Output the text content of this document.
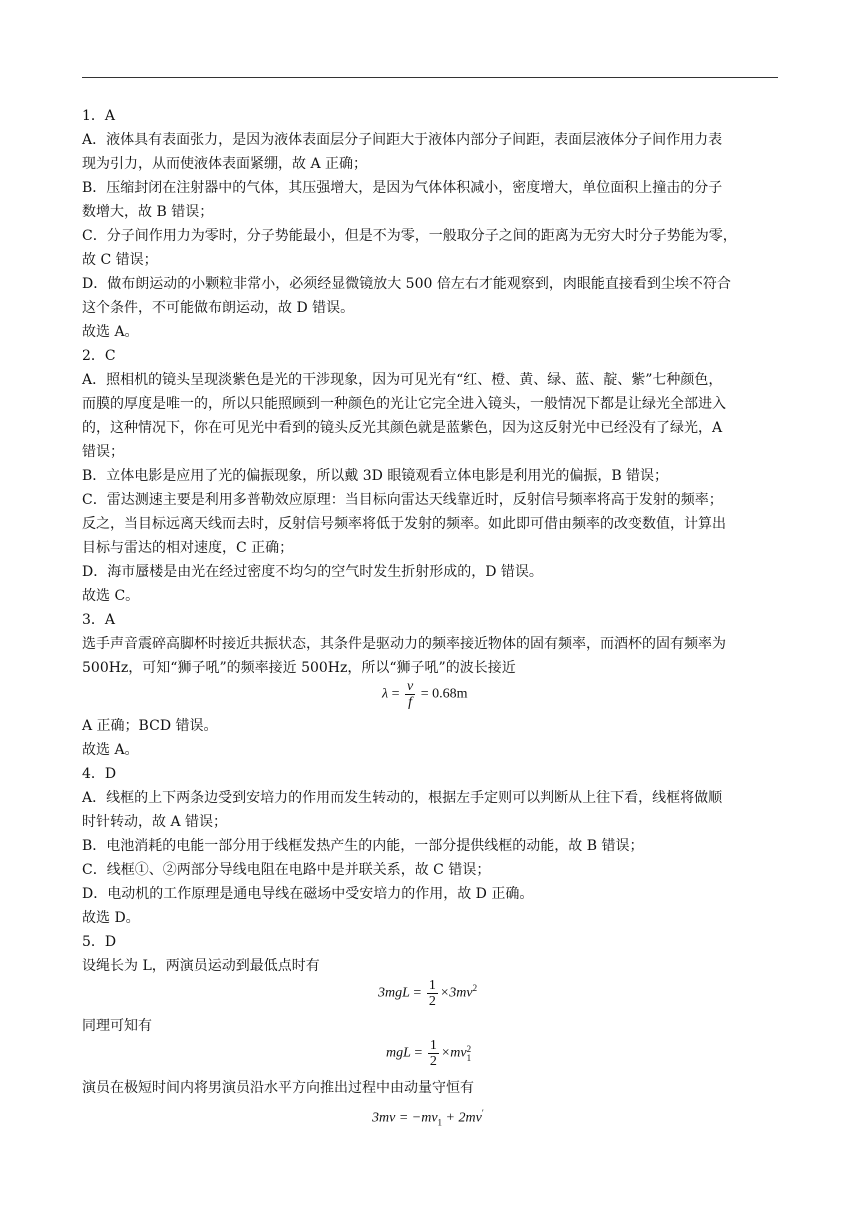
1．A
A．液体具有表面张力，是因为液体表面层分子间距大于液体内部分子间距，表面层液体分子间作用力表
现为引力，从而使液体表面紧绷，故 A 正确；
B．压缩封闭在注射器中的气体，其压强增大，是因为气体体积减小，密度增大，单位面积上撞击的分子
数增大，故 B 错误；
C．分子间作用力为零时，分子势能最小，但是不为零，一般取分子之间的距离为无穷大时分子势能为零，
故 C 错误；
D．做布朗运动的小颗粒非常小，必须经显微镜放大 500 倍左右才能观察到，肉眼能直接看到尘埃不符合
这个条件，不可能做布朗运动，故 D 错误。
故选 A。
2．C
A．照相机的镜头呈现淡紫色是光的干涉现象，因为可见光有“红、橙、黄、绿、蓝、靛、紫”七种颜色，
而膜的厚度是唯一的，所以只能照顾到一种颜色的光让它完全进入镜头，一般情况下都是让绿光全部进入
的，这种情况下，你在可见光中看到的镜头反光其颜色就是蓝紫色，因为这反射光中已经没有了绿光，A
错误；
B．立体电影是应用了光的偏振现象，所以戴 3D 眼镜观看立体电影是利用光的偏振，B 错误；
C．雷达测速主要是利用多普勒效应原理：当目标向雷达天线靠近时，反射信号频率将高于发射的频率；
反之，当目标远离天线而去时，反射信号频率将低于发射的频率。如此即可借由频率的改变数值，计算出
目标与雷达的相对速度，C 正确；
D．海市蜃楼是由光在经过密度不均匀的空气时发生折射形成的，D 错误。
故选 C。
3．A
选手声音震碎高脚杯时接近共振状态，其条件是驱动力的频率接近物体的固有频率，而酒杯的固有频率为
500Hz，可知“狮子吼”的频率接近 500Hz，所以“狮子吼”的波长接近
$\lambda = \frac{v}{f} = 0.68m$
A 正确；BCD 错误。
故选 A。
4．D
A．线框的上下两条边受到安培力的作用而发生转动的，根据左手定则可以判断从上往下看，线框将做顺
时针转动，故 A 错误；
B．电池消耗的电能一部分用于线框发热产生的内能，一部分提供线框的动能，故 B 错误；
C．线框①、②两部分导线电阻在电路中是并联关系，故 C 错误；
D．电动机的工作原理是通电导线在磁场中受安培力的作用，故 D 正确。
故选 D。
5．D
设绳长为 L，两演员运动到最低点时有
$3mgL = \frac{1}{2} \times 3mv^2$
同理可知有
mgL = $\frac{1}{2} \times mv$ 2
1
演员在极短时间内将男演员沿水平方向推出过程中由动量守恒有
$3mv = -mv_1 + 2mv'$
